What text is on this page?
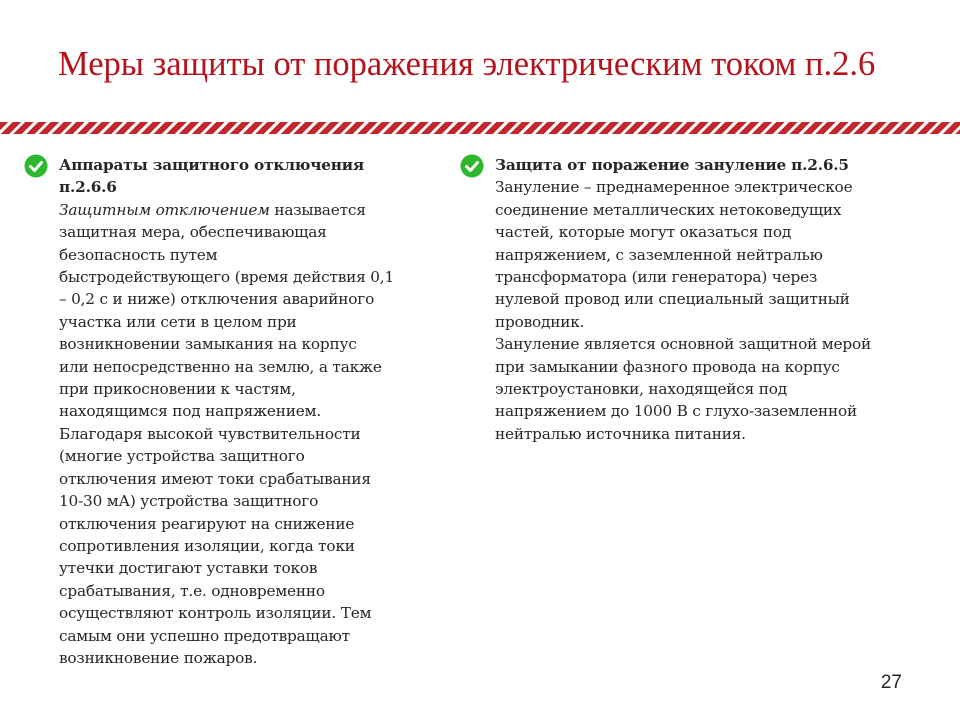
Меры защиты от поражения электрическим током п.2.6
Аппараты защитного отключения
п.2.6.6
Защитным отключением называется
защитная мера, обеспечивающая
безопасность путем
быстродействующего (время действия 0,1
– 0,2 с и ниже) отключения аварийного
участка или сети в целом при
возникновении замыкания на корпус
или непосредственно на землю, а также
при прикосновении к частям,
находящимся под напряжением.
Благодаря высокой чувствительности
(многие устройства защитного
отключения имеют токи срабатывания
10-30 мА) устройства защитного
отключения реагируют на снижение
сопротивления изоляции, когда токи
утечки достигают уставки токов
срабатывания, т.е. одновременно
осуществляют контроль изоляции. Тем
самым они успешно предотвращают
возникновение пожаров.
Защита от поражение зануление п.2.6.5
Зануление – преднамеренное электрическое
соединение металлических нетоковедущих
частей, которые могут оказаться под
напряжением, с заземленной нейтралью
трансформатора (или генератора) через
нулевой провод или специальный защитный
проводник.
Зануление является основной защитной мерой
при замыкании фазного провода на корпус
электроустановки, находящейся под
напряжением до 1000 В с глухо-заземленной
нейтралью источника питания.
27
